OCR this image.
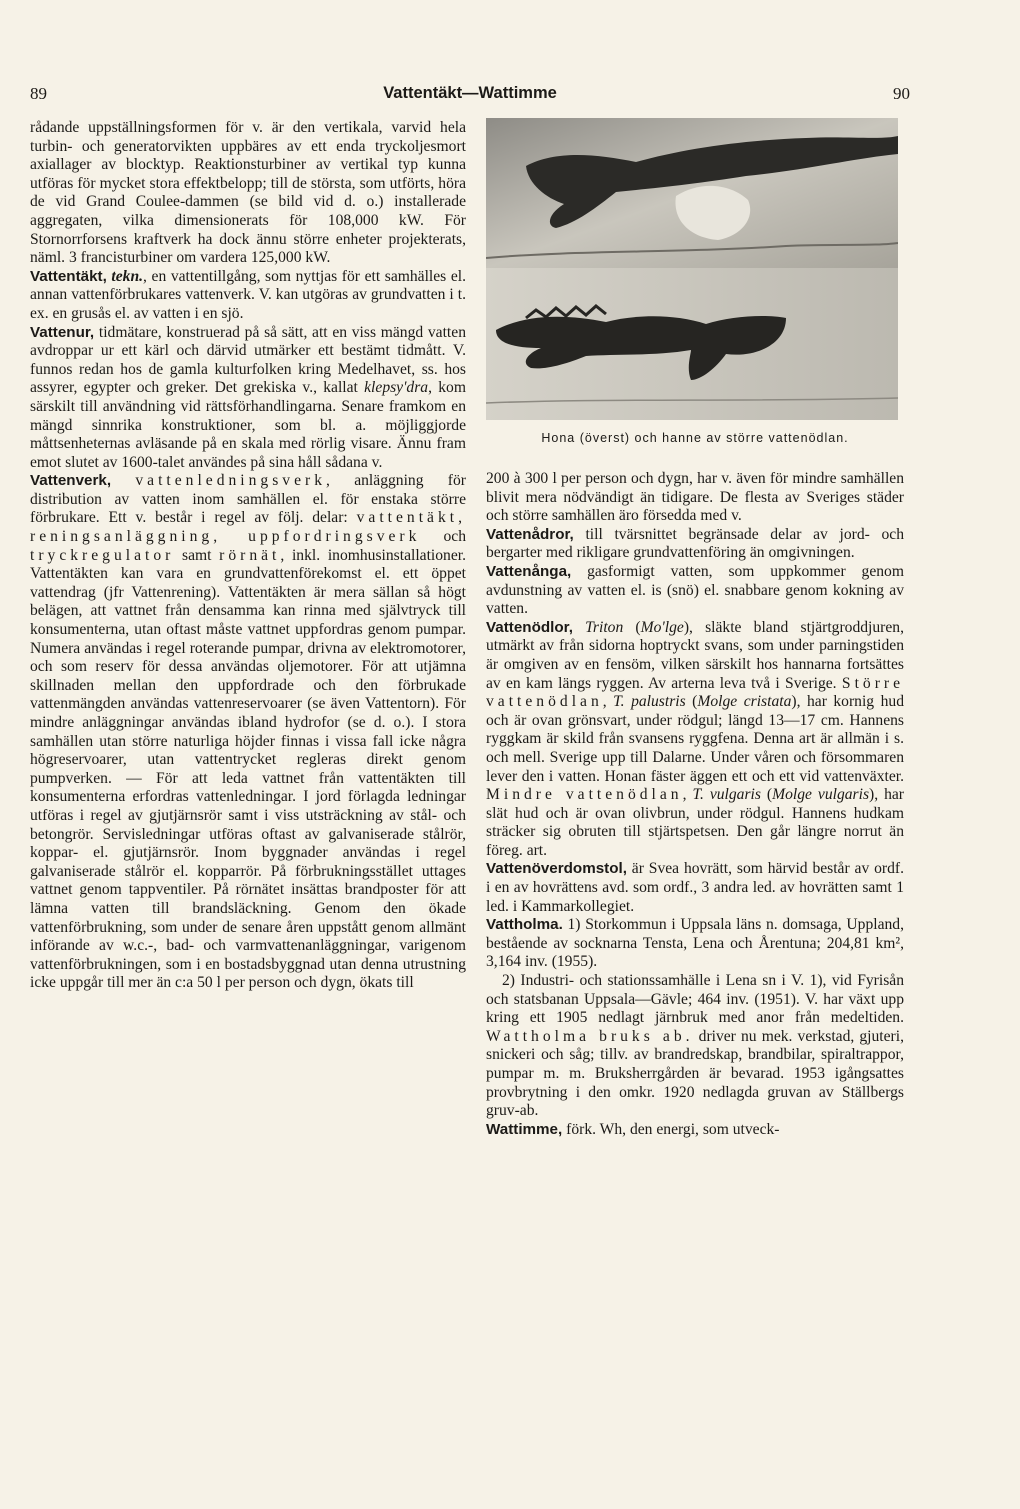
89	Vattentäkt—Wattimme	90

rådande uppställningsformen för v. är den vertikala, varvid hela turbin- och generatorvikten uppbäres av ett enda tryckoljesmort axiallager av blocktyp. Reaktionsturbiner av vertikal typ kunna utföras för mycket stora effektbelopp; till de största, som utförts, höra de vid Grand Coulee-dammen (se bild vid d. o.) installerade aggregaten, vilka dimensionerats för 108,000 kW. För Stornorrforsens kraftverk ha dock ännu större enheter projekterats, näml. 3 francisturbiner om vardera 125,000 kW.

Vattentäkt, tekn., en vattentillgång, som nyttjas för ett samhälles el. annan vattenförbrukares vattenverk. V. kan utgöras av grundvatten i t. ex. en grusås el. av vatten i en sjö.

Vattenur, tidmätare, konstruerad på så sätt, att en viss mängd vatten avdroppar ur ett kärl och därvid utmärker ett bestämt tidmått. V. funnos redan hos de gamla kulturfolken kring Medelhavet, ss. hos assyrer, egypter och greker. Det grekiska v., kallat klepsy'dra, kom särskilt till användning vid rättsförhandlingarna. Senare framkom en mängd sinnrika konstruktioner, som bl. a. möjliggjorde måttsenheternas avläsande på en skala med rörlig visare. Ännu fram emot slutet av 1600-talet användes på sina håll sådana v.

Vattenverk, vattenledningsverk, anläggning för distribution av vatten inom samhällen el. för enstaka större förbrukare. Ett v. består i regel av följ. delar: vattentäkt, reningsanläggning, uppfordringsverk och tryckregulator samt rörnät, inkl. inomhusinstallationer. Vattentäkten kan vara en grundvattenförekomst el. ett öppet vattendrag (jfr Vattenrening). Vattentäkten är mera sällan så högt belägen, att vattnet från densamma kan rinna med självtryck till konsumenterna, utan oftast måste vattnet uppfordras genom pumpar. Numera användas i regel roterande pumpar, drivna av elektromotorer, och som reserv för dessa användas oljemotorer. För att utjämna skillnaden mellan den uppfordrade och den förbrukade vattenmängden användas vattenreservoarer (se även Vattentorn). För mindre anläggningar användas ibland hydrofor (se d. o.). I stora samhällen utan större naturliga höjder finnas i vissa fall icke några högreservoarer, utan vattentrycket regleras direkt genom pumpverken. — För att leda vattnet från vattentäkten till konsumenterna erfordras vattenledningar. I jord förlagda ledningar utföras i regel av gjutjärnsrör samt i viss utsträckning av stål- och betongrör. Servisledningar utföras oftast av galvaniserade stålrör, koppar- el. gjutjärnsrör. Inom byggnader användas i regel galvaniserade stålrör el. kopparrör. På förbrukningsstället uttages vattnet genom tappventiler. På rörnätet insättas brandposter för att lämna vatten till brandsläckning. Genom den ökade vattenförbrukning, som under de senare åren uppstått genom allmänt införande av w.c.-, bad- och varmvattenanläggningar, varigenom vattenförbrukningen, som i en bostadsbyggnad utan denna utrustning icke uppgår till mer än c:a 50 l per person och dygn, ökats till

Hona (överst) och hanne av större vattenödlan.

200 à 300 l per person och dygn, har v. även för mindre samhällen blivit mera nödvändigt än tidigare. De flesta av Sveriges städer och större samhällen äro försedda med v.

Vattenådror, till tvärsnittet begränsade delar av jord- och bergarter med rikligare grundvattenföring än omgivningen.

Vattenånga, gasformigt vatten, som uppkommer genom avdunstning av vatten el. is (snö) el. snabbare genom kokning av vatten.

Vattenödlor, Triton (Mo'lge), släkte bland stjärtgroddjuren, utmärkt av från sidorna hoptryckt svans, som under parningstiden är omgiven av en fensöm, vilken särskilt hos hannarna fortsättes av en kam längs ryggen. Av arterna leva två i Sverige. Större vattenödlan, T. palustris (Molge cristata), har kornig hud och är ovan grönsvart, under rödgul; längd 13—17 cm. Hannens ryggkam är skild från svansens ryggfena. Denna art är allmän i s. och mell. Sverige upp till Dalarne. Under våren och försommaren lever den i vatten. Honan fäster äggen ett och ett vid vattenväxter. Mindre vattenödlan, T. vulgaris (Molge vulgaris), har slät hud och är ovan olivbrun, under rödgul. Hannens hudkam sträcker sig obruten till stjärtspetsen. Den går längre norrut än föreg. art.

Vattenöverdomstol, är Svea hovrätt, som härvid består av ordf. i en av hovrättens avd. som ordf., 3 andra led. av hovrätten samt 1 led. i Kammarkollegiet.

Vattholma. 1) Storkommun i Uppsala läns n. domsaga, Uppland, bestående av socknarna Tensta, Lena och Årentuna; 204,81 km², 3,164 inv. (1955).

2) Industri- och stationssamhälle i Lena sn i V. 1), vid Fyrisån och statsbanan Uppsala—Gävle; 464 inv. (1951). V. har växt upp kring ett 1905 nedlagt järnbruk med anor från medeltiden. Wattholma bruks ab. driver nu mek. verkstad, gjuteri, snickeri och såg; tillv. av brandredskap, brandbilar, spiraltrappor, pumpar m. m. Bruksherrgården är bevarad. 1953 igångsattes provbrytning i den omkr. 1920 nedlagda gruvan av Ställbergs gruv-ab.

Wattimme, förk. Wh, den energi, som utveck-
